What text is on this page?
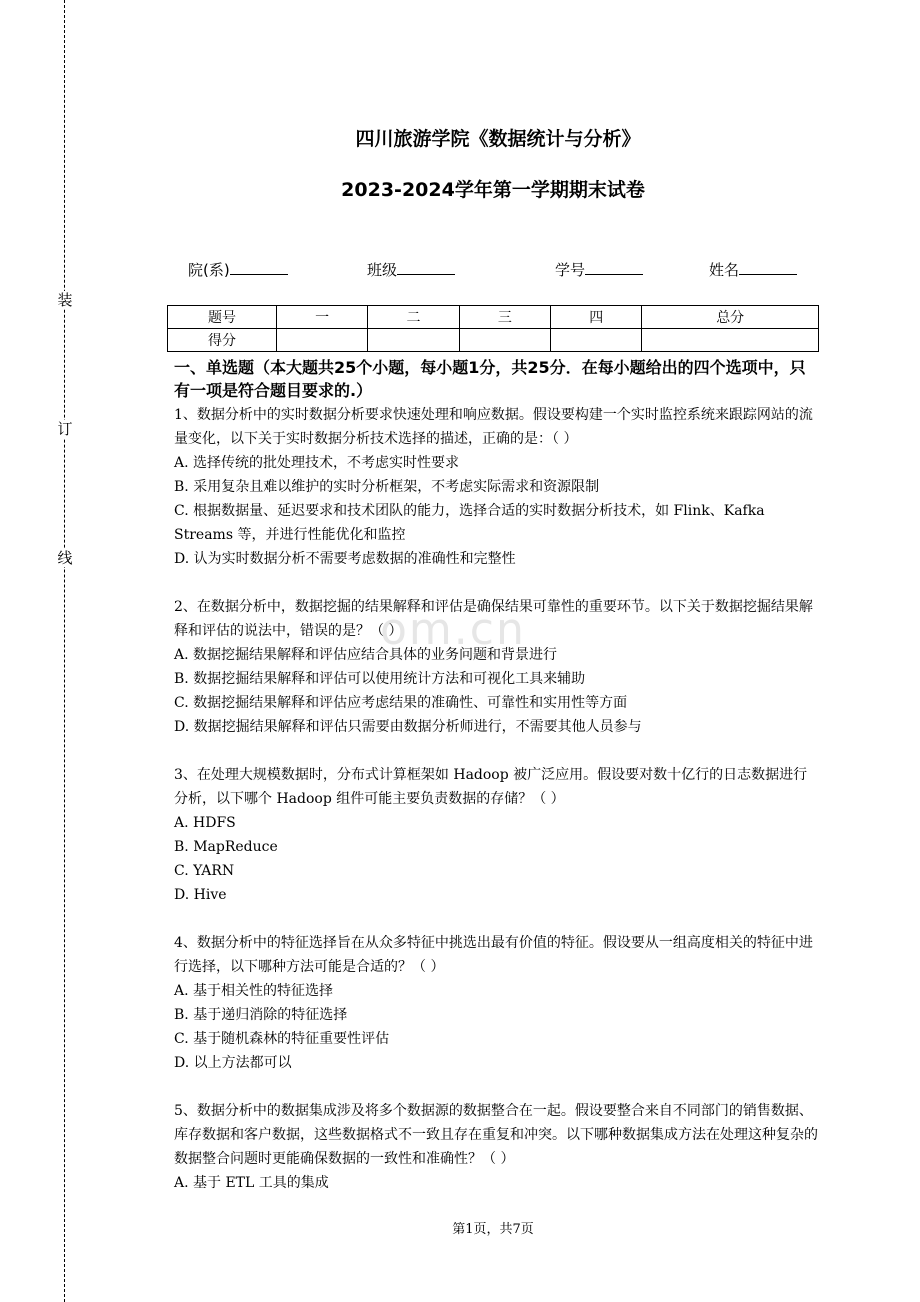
装
订
线
四川旅游学院《数据统计与分析》
2023-2024学年第一学期期末试卷
院(系)	班级	学号	姓名
题号	一	二	三	四	总分
得分					
om.cn
一、单选题（本大题共25个小题，每小题1分，共25分．在每小题给出的四个选项中，只有一项是符合题目要求的.）

1、数据分析中的实时数据分析要求快速处理和响应数据。假设要构建一个实时监控系统来跟踪网站的流量变化，以下关于实时数据分析技术选择的描述，正确的是：（ ）

A. 选择传统的批处理技术，不考虑实时性要求

B. 采用复杂且难以维护的实时分析框架，不考虑实际需求和资源限制

C. 根据数据量、延迟要求和技术团队的能力，选择合适的实时数据分析技术，如 Flink、Kafka Streams 等，并进行性能优化和监控

D. 认为实时数据分析不需要考虑数据的准确性和完整性

2、在数据分析中，数据挖掘的结果解释和评估是确保结果可靠性的重要环节。以下关于数据挖掘结果解释和评估的说法中，错误的是？（ ）

A. 数据挖掘结果解释和评估应结合具体的业务问题和背景进行

B. 数据挖掘结果解释和评估可以使用统计方法和可视化工具来辅助

C. 数据挖掘结果解释和评估应考虑结果的准确性、可靠性和实用性等方面

D. 数据挖掘结果解释和评估只需要由数据分析师进行，不需要其他人员参与

3、在处理大规模数据时，分布式计算框架如 Hadoop 被广泛应用。假设要对数十亿行的日志数据进行分析，以下哪个 Hadoop 组件可能主要负责数据的存储？（ ）

A. HDFS

B. MapReduce

C. YARN

D. Hive

4、数据分析中的特征选择旨在从众多特征中挑选出最有价值的特征。假设要从一组高度相关的特征中进行选择，以下哪种方法可能是合适的？（ ）

A. 基于相关性的特征选择

B. 基于递归消除的特征选择

C. 基于随机森林的特征重要性评估

D. 以上方法都可以

5、数据分析中的数据集成涉及将多个数据源的数据整合在一起。假设要整合来自不同部门的销售数据、库存数据和客户数据，这些数据格式不一致且存在重复和冲突。以下哪种数据集成方法在处理这种复杂的数据整合问题时更能确保数据的一致性和准确性？（ ）

A. 基于 ETL 工具的集成

第1页，共7页
